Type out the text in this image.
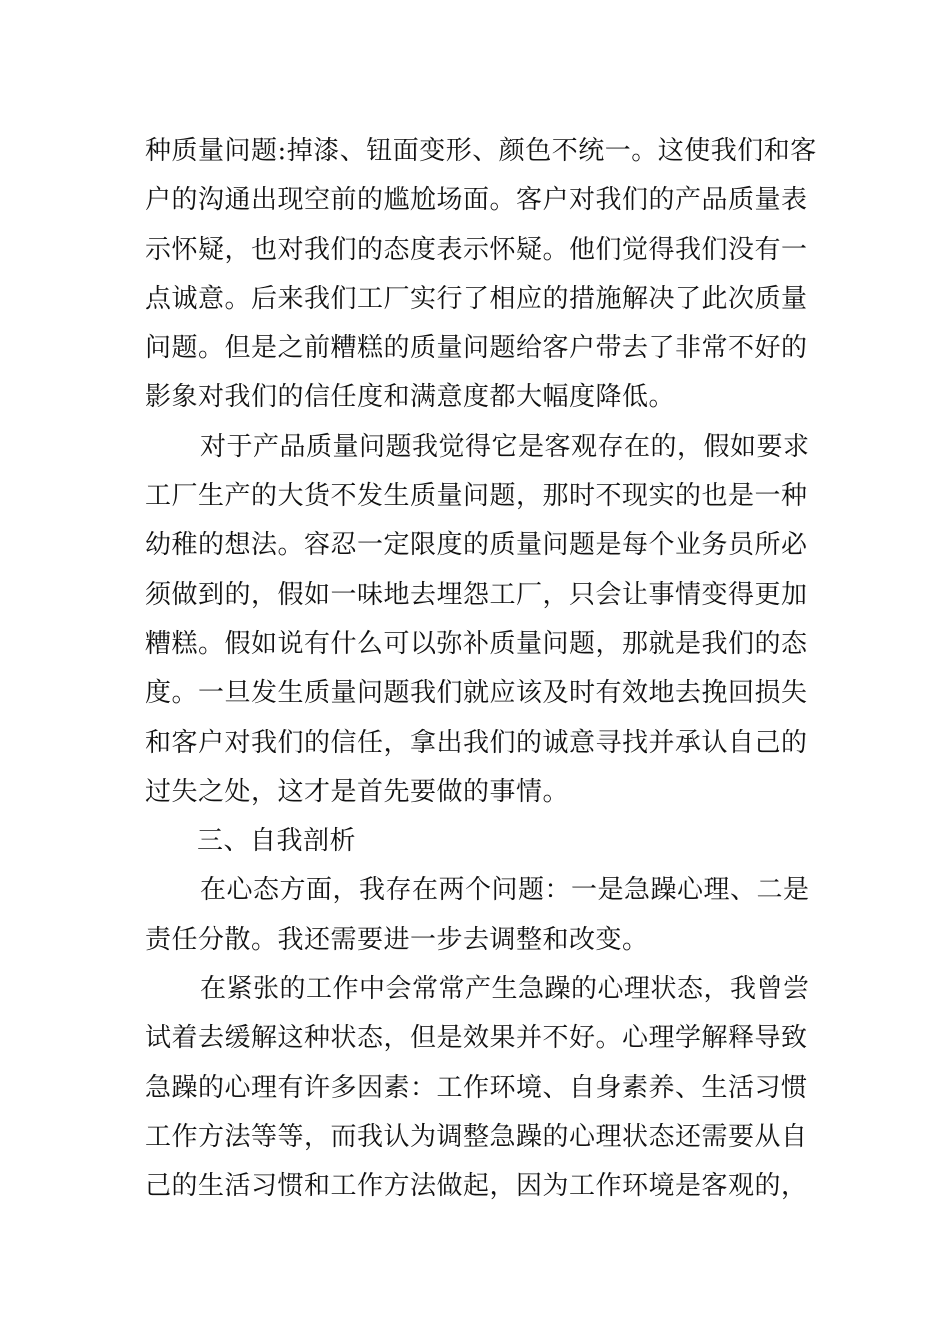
种质量问题:掉漆、钮面变形、颜色不统一。这使我们和客
户的沟通出现空前的尴尬场面。客户对我们的产品质量表
示怀疑，也对我们的态度表示怀疑。他们觉得我们没有一
点诚意。后来我们工厂实行了相应的措施解决了此次质量
问题。但是之前糟糕的质量问题给客户带去了非常不好的
影象对我们的信任度和满意度都大幅度降低。
对于产品质量问题我觉得它是客观存在的，假如要求
工厂生产的大货不发生质量问题，那时不现实的也是一种
幼稚的想法。容忍一定限度的质量问题是每个业务员所必
须做到的，假如一味地去埋怨工厂，只会让事情变得更加
糟糕。假如说有什么可以弥补质量问题，那就是我们的态
度。一旦发生质量问题我们就应该及时有效地去挽回损失
和客户对我们的信任，拿出我们的诚意寻找并承认自己的
过失之处，这才是首先要做的事情。
三、自我剖析
在心态方面，我存在两个问题：一是急躁心理、二是
责任分散。我还需要进一步去调整和改变。
在紧张的工作中会常常产生急躁的心理状态，我曾尝
试着去缓解这种状态，但是效果并不好。心理学解释导致
急躁的心理有许多因素：工作环境、自身素养、生活习惯
工作方法等等，而我认为调整急躁的心理状态还需要从自
己的生活习惯和工作方法做起，因为工作环境是客观的，
